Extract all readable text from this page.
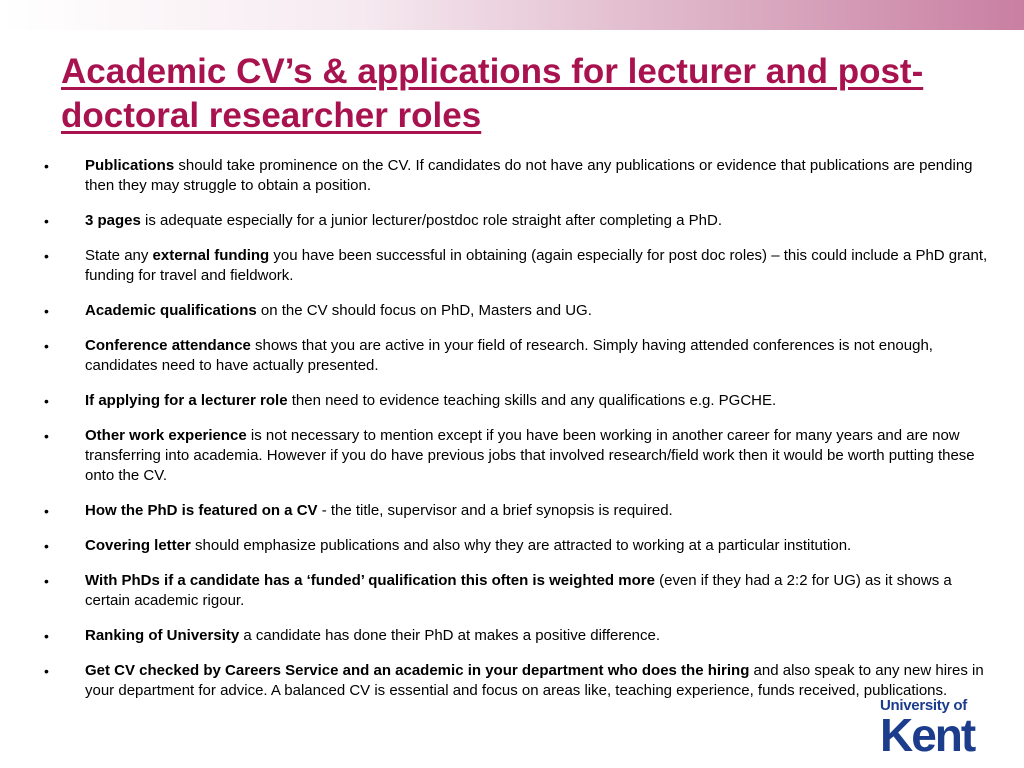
Academic CV’s & applications for lecturer and post-doctoral researcher roles
• Publications should take prominence on the CV. If candidates do not have any publications or evidence that publications are pending then they may struggle to obtain a position.
• 3 pages is adequate especially for a junior lecturer/postdoc role straight after completing a PhD.
• State any external funding you have been successful in obtaining (again especially for post doc roles) – this could include a PhD grant, funding for travel and fieldwork.
• Academic qualifications on the CV should focus on PhD, Masters and UG.
• Conference attendance shows that you are active in your field of research. Simply having attended conferences is not enough, candidates need to have actually presented.
• If applying for a lecturer role then need to evidence teaching skills and any qualifications e.g. PGCHE.
• Other work experience is not necessary to mention except if you have been working in another career for many years and are now transferring into academia. However if you do have previous jobs that involved research/field work then it would be worth putting these onto the CV.
• How the PhD is featured on a CV - the title, supervisor and a brief synopsis is required.
• Covering letter should emphasize publications and also why they are attracted to working at a particular institution.
• With PhDs if a candidate has a ‘funded’ qualification this often is weighted more (even if they had a 2:2 for UG) as it shows a certain academic rigour.
• Ranking of University a candidate has done their PhD at makes a positive difference.
• Get CV checked by Careers Service and an academic in your department who does the hiring and also speak to any new hires in your department for advice. A balanced CV is essential and focus on areas like, teaching experience, funds received, publications.
University of
Kent
